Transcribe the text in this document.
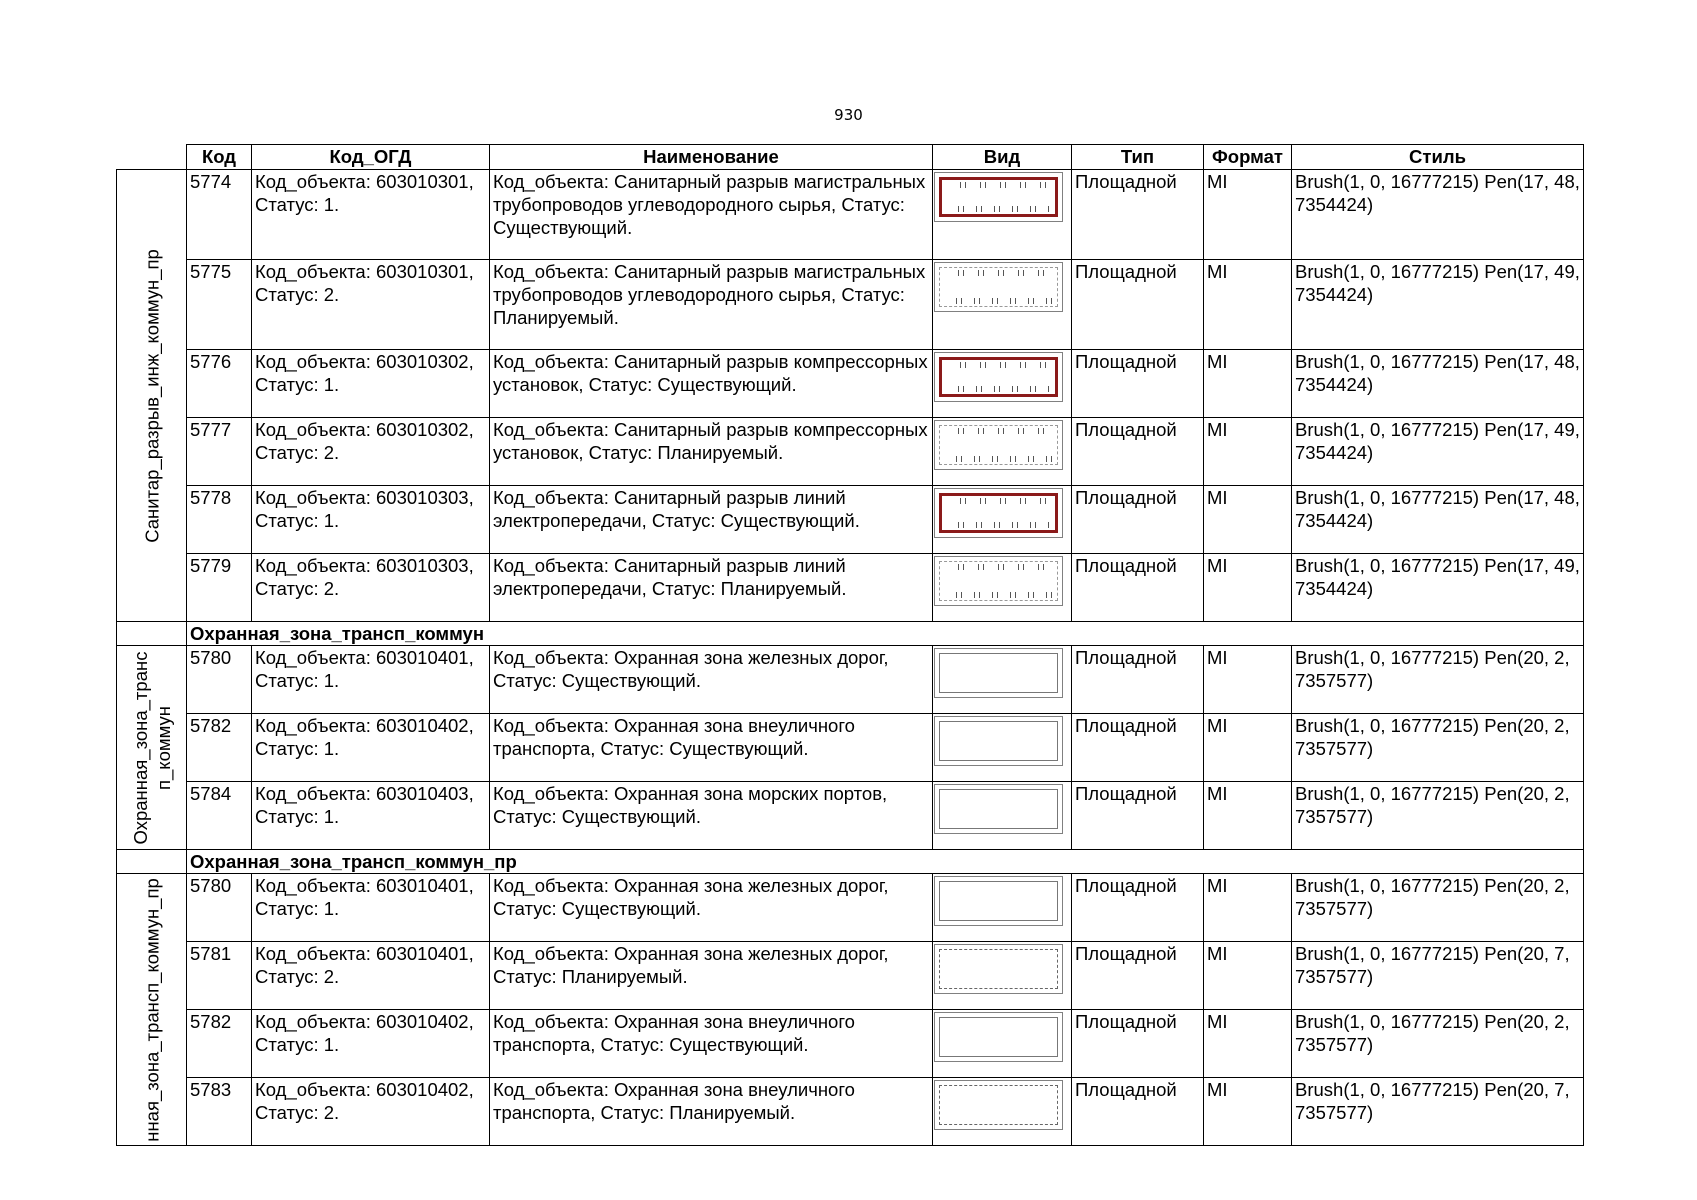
930
	Код	Код_ОГД	Наименование	Вид	Тип	Формат	Стиль

Санитар_разрыв_инж_коммун_пр	5774	Код_объекта: 603010301, Статус: 1.	Код_объекта: Санитарный разрыв магистральных трубопроводов углеводородного сырья, Статус: Существующий.		Площадной	MI	Brush(1, 0, 16777215) Pen(17, 48, 7354424)
	5775	Код_объекта: 603010301, Статус: 2.	Код_объекта: Санитарный разрыв магистральных трубопроводов углеводородного сырья, Статус: Планируемый.		Площадной	MI	Brush(1, 0, 16777215) Pen(17, 49, 7354424)
	5776	Код_объекта: 603010302, Статус: 1.	Код_объекта: Санитарный разрыв компрессорных установок, Статус: Существующий.		Площадной	MI	Brush(1, 0, 16777215) Pen(17, 48, 7354424)
	5777	Код_объекта: 603010302, Статус: 2.	Код_объекта: Санитарный разрыв компрессорных установок, Статус: Планируемый.		Площадной	MI	Brush(1, 0, 16777215) Pen(17, 49, 7354424)
	5778	Код_объекта: 603010303, Статус: 1.	Код_объекта: Санитарный разрыв линий электропередачи, Статус: Существующий.		Площадной	MI	Brush(1, 0, 16777215) Pen(17, 48, 7354424)
	5779	Код_объекта: 603010303, Статус: 2.	Код_объекта: Санитарный разрыв линий электропередачи, Статус: Планируемый.		Площадной	MI	Brush(1, 0, 16777215) Pen(17, 49, 7354424)
	Охранная_зона_трансп_коммун						

Охранная_зона_транс п_коммун	5780	Код_объекта: 603010401, Статус: 1.	Код_объекта: Охранная зона железных дорог, Статус: Существующий.		Площадной	MI	Brush(1, 0, 16777215) Pen(20, 2, 7357577)
	5782	Код_объекта: 603010402, Статус: 1.	Код_объекта: Охранная зона внеуличного транспорта, Статус: Существующий.		Площадной	MI	Brush(1, 0, 16777215) Pen(20, 2, 7357577)
	5784	Код_объекта: 603010403, Статус: 1.	Код_объекта: Охранная зона морских портов, Статус: Существующий.		Площадной	MI	Brush(1, 0, 16777215) Pen(20, 2, 7357577)
	Охранная_зона_трансп_коммун_пр						

нная_зона_трансп_коммун_пр	5780	Код_объекта: 603010401, Статус: 1.	Код_объекта: Охранная зона железных дорог, Статус: Существующий.		Площадной	MI	Brush(1, 0, 16777215) Pen(20, 2, 7357577)
	5781	Код_объекта: 603010401, Статус: 2.	Код_объекта: Охранная зона железных дорог, Статус: Планируемый.		Площадной	MI	Brush(1, 0, 16777215) Pen(20, 7, 7357577)
	5782	Код_объекта: 603010402, Статус: 1.	Код_объекта: Охранная зона внеуличного транспорта, Статус: Существующий.		Площадной	MI	Brush(1, 0, 16777215) Pen(20, 2, 7357577)
	5783	Код_объекта: 603010402, Статус: 2.	Код_объекта: Охранная зона внеуличного транспорта, Статус: Планируемый.		Площадной	MI	Brush(1, 0, 16777215) Pen(20, 7, 7357577)
